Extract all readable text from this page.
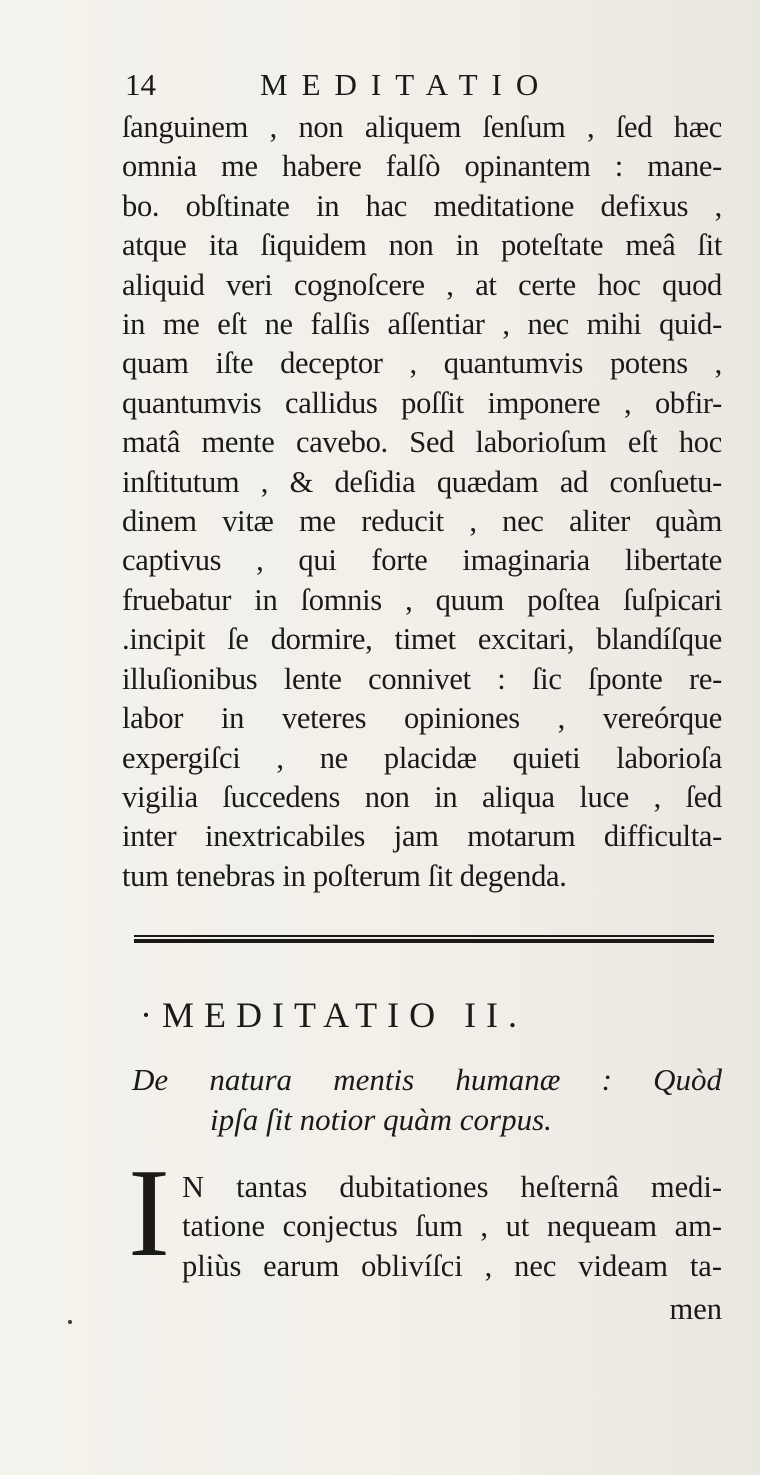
14	MEDITATIO
ſanguinem , non aliquem ſenſum , ſed hæc
omnia me habere falſò opinantem : mane-
bo. obſtinate in hac meditatione defixus ,
atque ita ſiquidem non in poteſtate meâ ſit
aliquid veri cognoſcere , at certe hoc quod
in me eſt ne falſis aſſentiar , nec mihi quid-
quam iſte deceptor , quantumvis potens ,
quantumvis callidus poſſit imponere , obfir-
matâ mente cavebo. Sed laborioſum eſt hoc
inſtitutum , & deſidia quædam ad conſuetu-
dinem vitæ me reducit , nec aliter quàm
captivus , qui forte imaginaria libertate
fruebatur in ſomnis , quum poſtea ſuſpicari
.incipit ſe dormire, timet excitari, blandíſque
illuſionibus lente connivet : ſic ſponte re-
labor in veteres opiniones , vereórque
expergiſci , ne placidæ quieti laborioſa
vigilia ſuccedens non in aliqua luce , ſed
inter inextricabiles jam motarum difficulta-
tum tenebras in poſterum ſit degenda.
·MEDITATIO II.
De natura mentis humanæ : Quòd
ipſa ſit notior quàm corpus.
I N tantas dubitationes heſternâ medi-
tatione conjectus ſum , ut nequeam am-
pliùs earum oblivíſci , nec videam ta-
men
